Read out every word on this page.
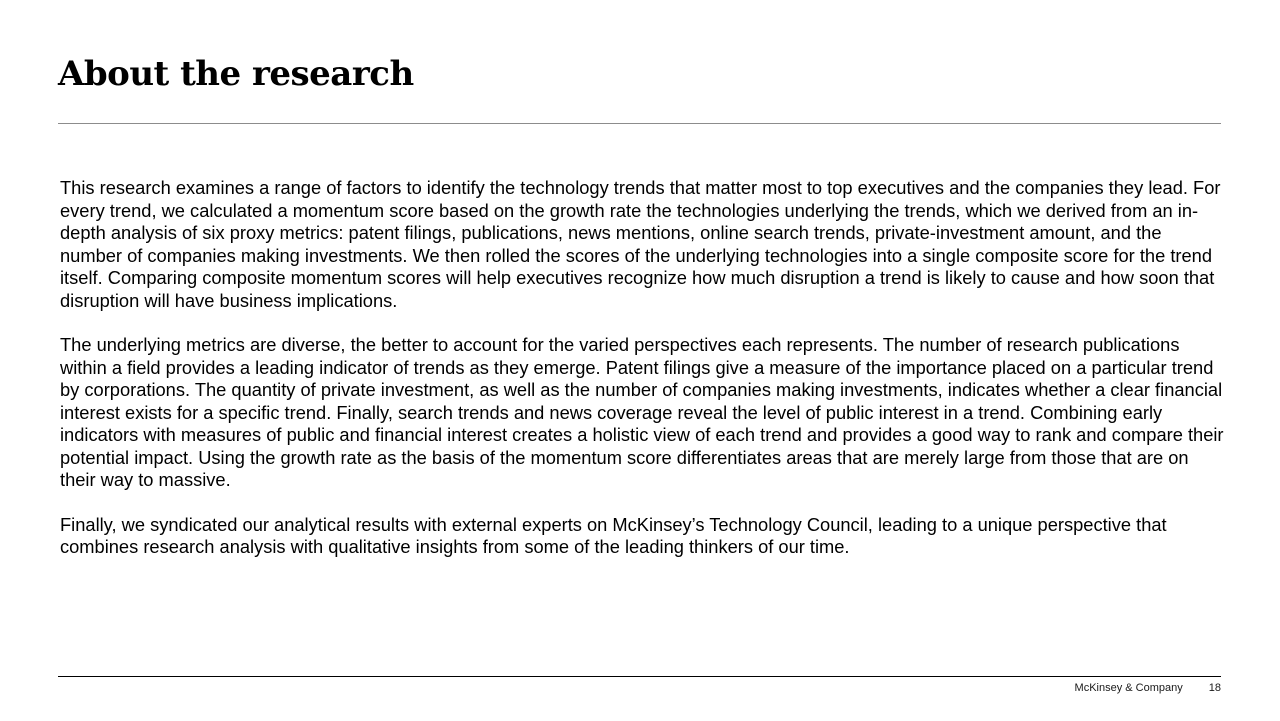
About the research

This research examines a range of factors to identify the technology trends that matter most to top executives and the companies they lead. For every trend, we calculated a momentum score based on the growth rate the technologies underlying the trends, which we derived from an in-depth analysis of six proxy metrics: patent filings, publications, news mentions, online search trends, private-investment amount, and the number of companies making investments. We then rolled the scores of the underlying technologies into a single composite score for the trend itself. Comparing composite momentum scores will help executives recognize how much disruption a trend is likely to cause and how soon that disruption will have business implications.

The underlying metrics are diverse, the better to account for the varied perspectives each represents. The number of research publications within a field provides a leading indicator of trends as they emerge. Patent filings give a measure of the importance placed on a particular trend by corporations. The quantity of private investment, as well as the number of companies making investments, indicates whether a clear financial interest exists for a specific trend. Finally, search trends and news coverage reveal the level of public interest in a trend. Combining early indicators with measures of public and financial interest creates a holistic view of each trend and provides a good way to rank and compare their potential impact. Using the growth rate as the basis of the momentum score differentiates areas that are merely large from those that are on their way to massive.

Finally, we syndicated our analytical results with external experts on McKinsey’s Technology Council, leading to a unique perspective that combines research analysis with qualitative insights from some of the leading thinkers of our time.

McKinsey & Company 18
